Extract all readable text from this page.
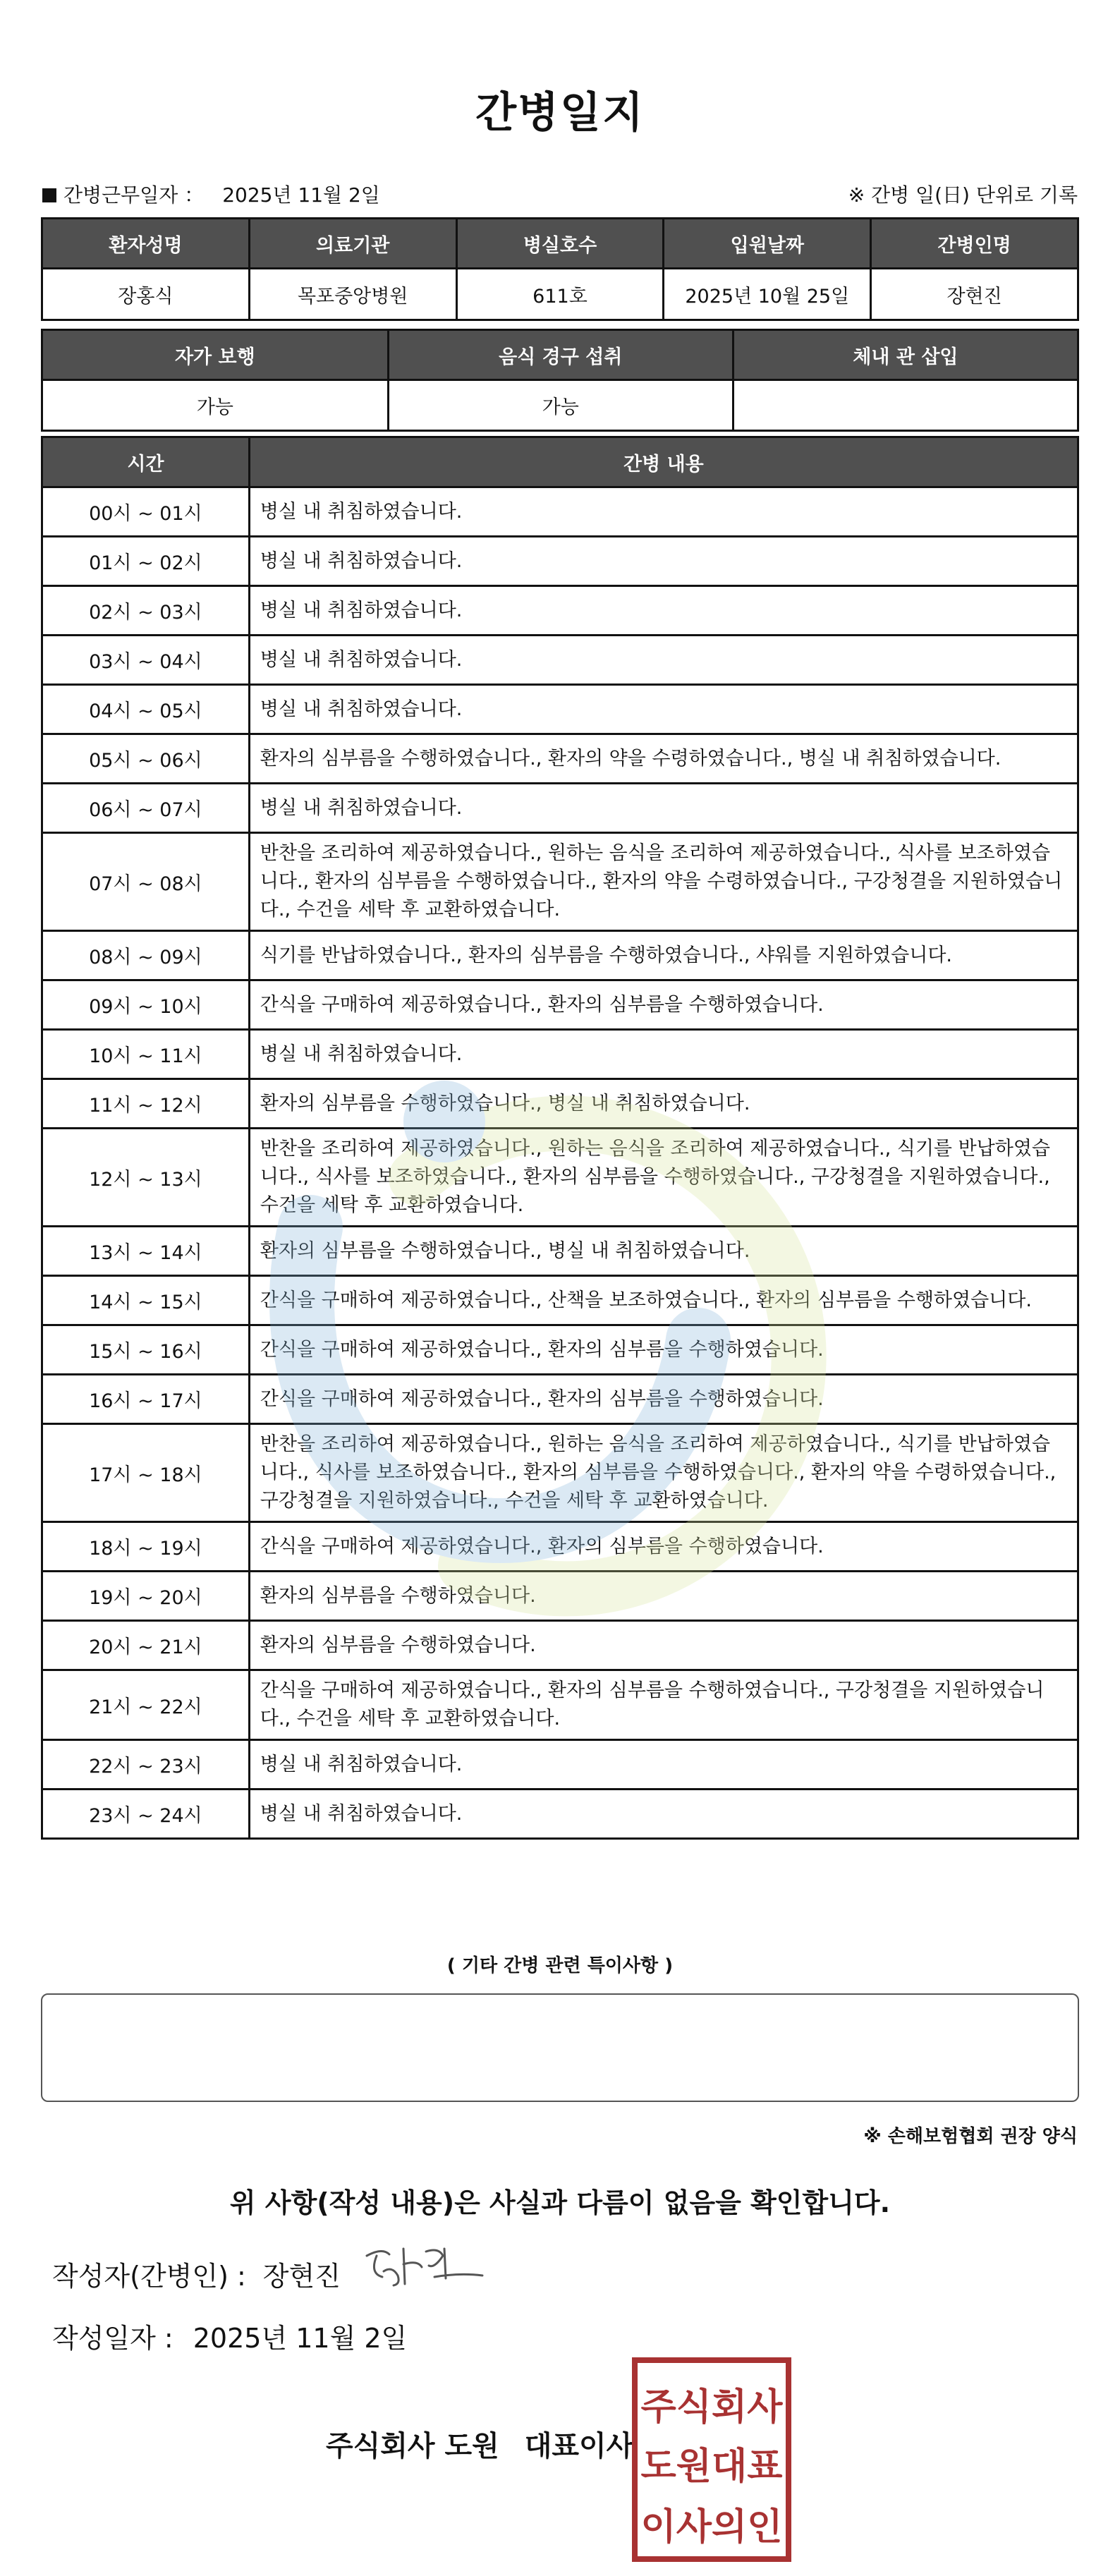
간병일지
간병근무일자 ： 2025년 11월 2일	※ 간병 일(日) 단위로 기록
환자성명	의료기관	병실호수	입원날짜	간병인명
장홍식	목포중앙병원	611호	2025년 10월 25일	장현진
자가 보행	음식 경구 섭취	체내 관 삽입
가능	가능	
시간	간병 내용
00시 ~ 01시	병실 내 취침하였습니다.
01시 ~ 02시	병실 내 취침하였습니다.
02시 ~ 03시	병실 내 취침하였습니다.
03시 ~ 04시	병실 내 취침하였습니다.
04시 ~ 05시	병실 내 취침하였습니다.
05시 ~ 06시	환자의 심부름을 수행하였습니다., 환자의 약을 수령하였습니다., 병실 내 취침하였습니다.
06시 ~ 07시	병실 내 취침하였습니다.
07시 ~ 08시	반찬을 조리하여 제공하였습니다., 원하는 음식을 조리하여 제공하였습니다., 식사를 보조하였습니다., 환자의 심부름을 수행하였습니다., 환자의 약을 수령하였습니다., 구강청결을 지원하였습니다., 수건을 세탁 후 교환하였습니다.
08시 ~ 09시	식기를 반납하였습니다., 환자의 심부름을 수행하였습니다., 샤워를 지원하였습니다.
09시 ~ 10시	간식을 구매하여 제공하였습니다., 환자의 심부름을 수행하였습니다.
10시 ~ 11시	병실 내 취침하였습니다.
11시 ~ 12시	환자의 심부름을 수행하였습니다., 병실 내 취침하였습니다.
12시 ~ 13시	반찬을 조리하여 제공하였습니다., 원하는 음식을 조리하여 제공하였습니다., 식기를 반납하였습니다., 식사를 보조하였습니다., 환자의 심부름을 수행하였습니다., 구강청결을 지원하였습니다., 수건을 세탁 후 교환하였습니다.
13시 ~ 14시	환자의 심부름을 수행하였습니다., 병실 내 취침하였습니다.
14시 ~ 15시	간식을 구매하여 제공하였습니다., 산책을 보조하였습니다., 환자의 심부름을 수행하였습니다.
15시 ~ 16시	간식을 구매하여 제공하였습니다., 환자의 심부름을 수행하였습니다.
16시 ~ 17시	간식을 구매하여 제공하였습니다., 환자의 심부름을 수행하였습니다.
17시 ~ 18시	반찬을 조리하여 제공하였습니다., 원하는 음식을 조리하여 제공하였습니다., 식기를 반납하였습니다., 식사를 보조하였습니다., 환자의 심부름을 수행하였습니다., 환자의 약을 수령하였습니다., 구강청결을 지원하였습니다., 수건을 세탁 후 교환하였습니다.
18시 ~ 19시	간식을 구매하여 제공하였습니다., 환자의 심부름을 수행하였습니다.
19시 ~ 20시	환자의 심부름을 수행하였습니다.
20시 ~ 21시	환자의 심부름을 수행하였습니다.
21시 ~ 22시	간식을 구매하여 제공하였습니다., 환자의 심부름을 수행하였습니다., 구강청결을 지원하였습니다., 수건을 세탁 후 교환하였습니다.
22시 ~ 23시	병실 내 취침하였습니다.
23시 ~ 24시	병실 내 취침하였습니다.
( 기타 간병 관련 특이사항 )
※ 손해보험협회 권장 양식
위 사항(작성 내용)은 사실과 다름이 없음을 확인합니다.
작성자(간병인) : 장현진
작성일자 : 2025년 11월 2일
주식회사 도원 대표이사
주식회사
도원대표
이사의인
